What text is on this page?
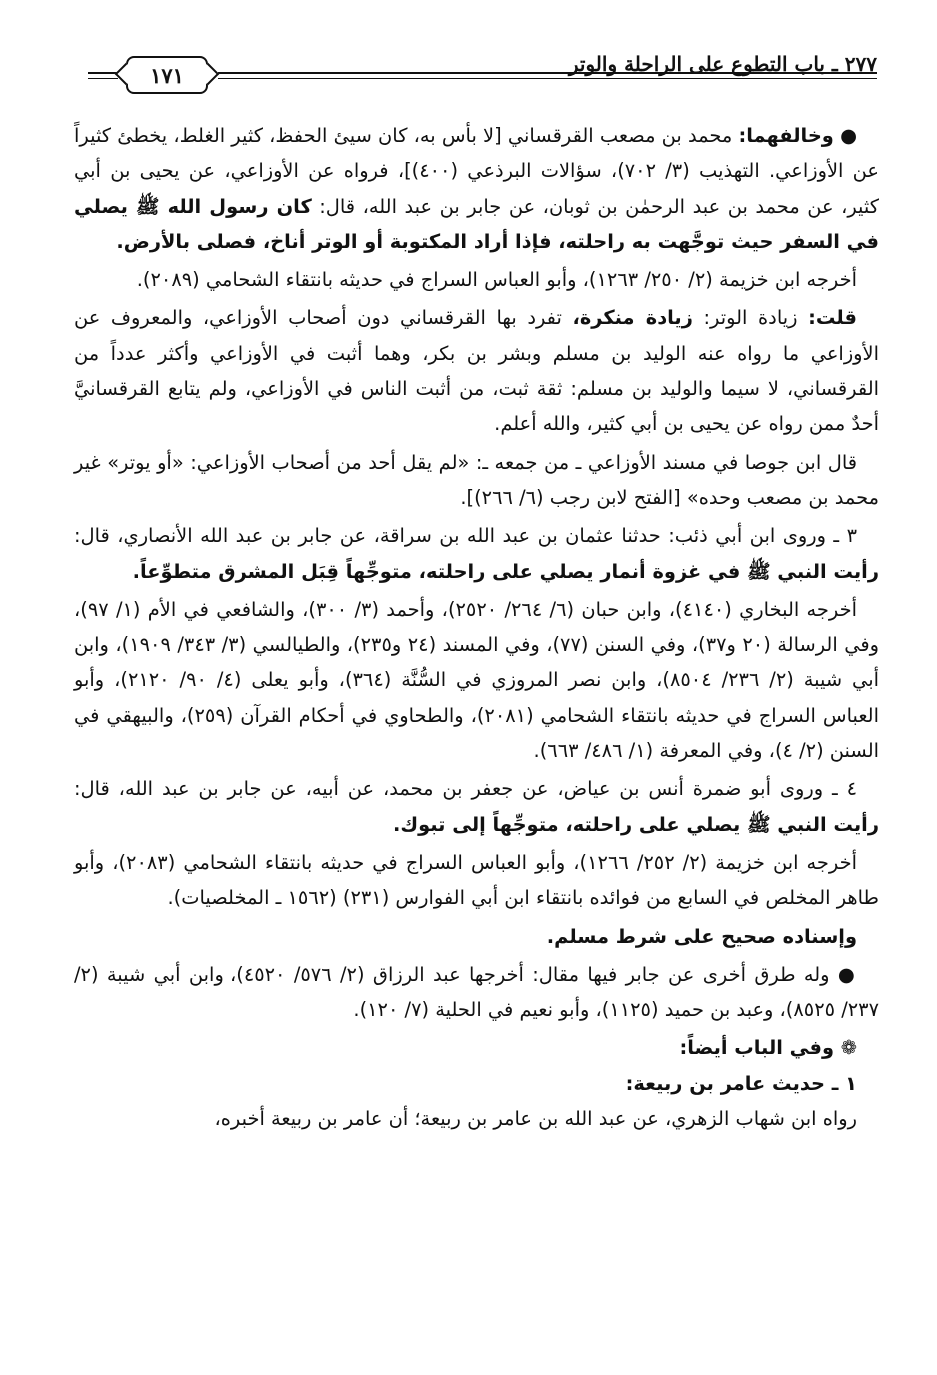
١٧١	٢٧٧ ـ باب التطوع على الراحلة والوتر

● وخالفهما: محمد بن مصعب القرقساني [لا بأس به، كان سيئ الحفظ، كثير الغلط، يخطئ كثيراً عن الأوزاعي. التهذيب (٣/ ٧٠٢)، سؤالات البرذعي (٤٠٠)]، فرواه عن الأوزاعي، عن يحيى بن أبي كثير، عن محمد بن عبد الرحمٰن بن ثوبان، عن جابر بن عبد الله، قال: كان رسول الله ﷺ يصلي في السفر حيث توجَّهت به راحلته، فإذا أراد المكتوبة أو الوتر أناخ، فصلى بالأرض.

أخرجه ابن خزيمة (٢/ ٢٥٠/ ١٢٦٣)، وأبو العباس السراج في حديثه بانتقاء الشحامي (٢٠٨٩).

قلت: زيادة الوتر: زيادة منكرة، تفرد بها القرقساني دون أصحاب الأوزاعي، والمعروف عن الأوزاعي ما رواه عنه الوليد بن مسلم وبشر بن بكر، وهما أثبت في الأوزاعي وأكثر عدداً من القرقساني، لا سيما والوليد بن مسلم: ثقة ثبت، من أثبت الناس في الأوزاعي، ولم يتابع القرقسانيَّ أحدٌ ممن رواه عن يحيى بن أبي كثير، والله أعلم.

قال ابن جوصا في مسند الأوزاعي ـ من جمعه ـ: «لم يقل أحد من أصحاب الأوزاعي: «أو يوتر» غير محمد بن مصعب وحده» [الفتح لابن رجب (٦/ ٢٦٦)].

٣ ـ وروى ابن أبي ذئب: حدثنا عثمان بن عبد الله بن سراقة، عن جابر بن عبد الله الأنصاري، قال: رأيت النبي ﷺ في غزوة أنمار يصلي على راحلته، متوجِّهاً قِبَل المشرق متطوِّعاً.

أخرجه البخاري (٤١٤٠)، وابن حبان (٦/ ٢٦٤/ ٢٥٢٠)، وأحمد (٣/ ٣٠٠)، والشافعي في الأم (١/ ٩٧)، وفي الرسالة (٢٠ و٣٧)، وفي السنن (٧٧)، وفي المسند (٢٤ و٢٣٥)، والطيالسي (٣/ ٣٤٣/ ١٩٠٩)، وابن أبي شيبة (٢/ ٢٣٦/ ٨٥٠٤)، وابن نصر المروزي في السُّنَّة (٣٦٤)، وأبو يعلى (٤/ ٩٠/ ٢١٢٠)، وأبو العباس السراج في حديثه بانتقاء الشحامي (٢٠٨١)، والطحاوي في أحكام القرآن (٢٥٩)، والبيهقي في السنن (٢/ ٤)، وفي المعرفة (١/ ٤٨٦/ ٦٦٣).

٤ ـ وروى أبو ضمرة أنس بن عياض، عن جعفر بن محمد، عن أبيه، عن جابر بن عبد الله، قال: رأيت النبي ﷺ يصلي على راحلته، متوجِّهاً إلى تبوك.

أخرجه ابن خزيمة (٢/ ٢٥٢/ ١٢٦٦)، وأبو العباس السراج في حديثه بانتقاء الشحامي (٢٠٨٣)، وأبو طاهر المخلص في السابع من فوائده بانتقاء ابن أبي الفوارس (٢٣١) (١٥٦٢ ـ المخلصيات).

وإسناده صحيح على شرط مسلم.

● وله طرق أخرى عن جابر فيها مقال: أخرجها عبد الرزاق (٢/ ٥٧٦/ ٤٥٢٠)، وابن أبي شيبة (٢/ ٢٣٧/ ٨٥٢٥)، وعبد بن حميد (١١٢٥)، وأبو نعيم في الحلية (٧/ ١٢٠).

❁ وفي الباب أيضاً:

١ ـ حديث عامر بن ربيعة:

رواه ابن شهاب الزهري، عن عبد الله بن عامر بن ربيعة؛ أن عامر بن ربيعة أخبره،
